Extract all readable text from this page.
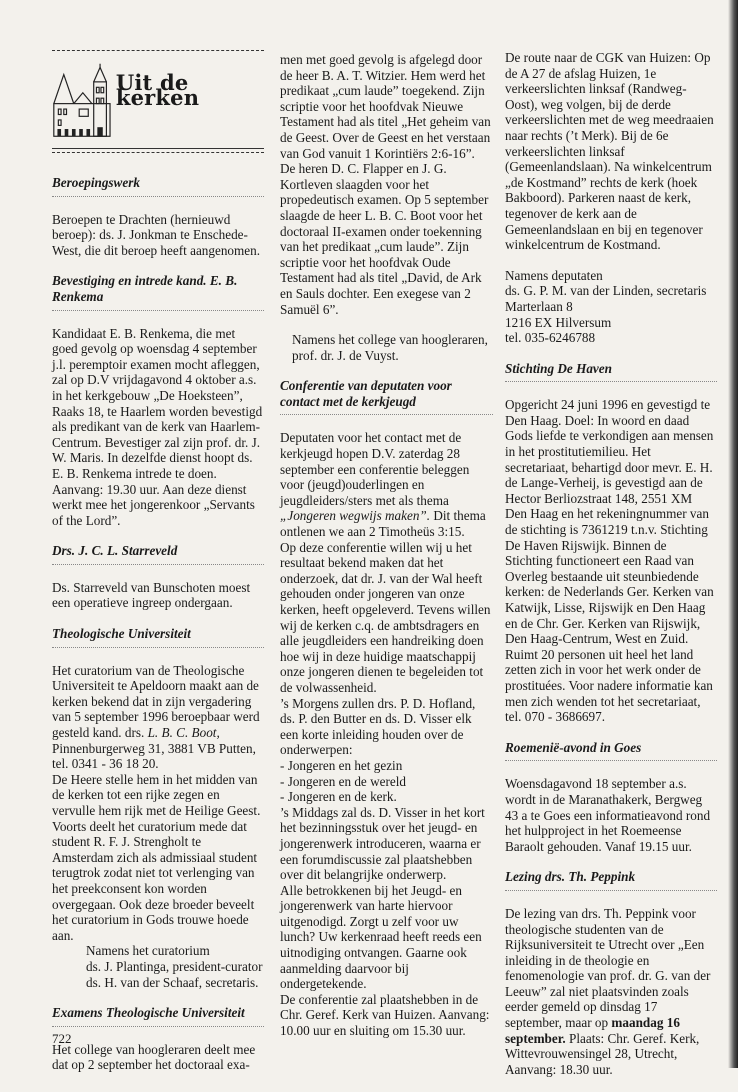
Uit de kerken
Beroepingswerk

Beroepen te Drachten (hernieuwd beroep): ds. J. Jonkman te Enschede-West, die dit beroep heeft aangenomen.

Bevestiging en intrede kand. E. B. Renkema

Kandidaat E. B. Renkema, die met goed gevolg op woensdag 4 september j.l. peremptoir examen mocht afleggen, zal op D.V vrijdagavond 4 oktober a.s. in het kerkgebouw „De Hoeksteen”, Raaks 18, te Haarlem worden bevestigd als predikant van de kerk van Haarlem-Centrum. Bevestiger zal zijn prof. dr. J. W. Maris. In dezelfde dienst hoopt ds. E. B. Renkema intrede te doen. Aanvang: 19.30 uur. Aan deze dienst werkt mee het jongerenkoor „Servants of the Lord”.

Drs. J. C. L. Starreveld

Ds. Starreveld van Bunschoten moest een operatieve ingreep ondergaan.

Theologische Universiteit

Het curatorium van de Theologische Universiteit te Apeldoorn maakt aan de kerken bekend dat in zijn vergadering van 5 september 1996 beroepbaar werd gesteld kand. drs. L. B. C. Boot, Pinnenburgerweg 31, 3881 VB Putten, tel. 0341 - 36 18 20.

De Heere stelle hem in het midden van de kerken tot een rijke zegen en vervulle hem rijk met de Heilige Geest. Voorts deelt het curatorium mede dat student R. F. J. Strengholt te Amsterdam zich als admissiaal student terugtrok zodat niet tot verlenging van het preekconsent kon worden overgegaan. Ook deze broeder beveelt het curatorium in Gods trouwe hoede aan.

Namens het curatorium
ds. J. Plantinga, president-curator
ds. H. van der Schaaf, secretaris.
Examens Theologische Universiteit

Het college van hoogleraren deelt mee dat op 2 september het doctoraal exa-

men met goed gevolg is afgelegd door de heer B. A. T. Witzier. Hem werd het predikaat „cum laude” toegekend. Zijn scriptie voor het hoofdvak Nieuwe Testament had als titel „Het geheim van de Geest. Over de Geest en het verstaan van God vanuit 1 Korintiërs 2:6-16”.

De heren D. C. Flapper en J. G. Kortleven slaagden voor het propedeutisch examen. Op 5 september slaagde de heer L. B. C. Boot voor het doctoraal II-examen onder toekenning van het predikaat „cum laude”. Zijn scriptie voor het hoofdvak Oude Testament had als titel „David, de Ark en Sauls dochter. Een exegese van 2 Samuël 6”.

Namens het college van hoogleraren,
prof. dr. J. de Vuyst.
Conferentie van deputaten voor contact met de kerkjeugd

Deputaten voor het contact met de kerkjeugd hopen D.V. zaterdag 28 september een conferentie beleggen voor (jeugd)ouderlingen en jeugdleiders/sters met als thema „Jongeren wegwijs maken”. Dit thema ontlenen we aan 2 Timotheüs 3:15.

Op deze conferentie willen wij u het resultaat bekend maken dat het onderzoek, dat dr. J. van der Wal heeft gehouden onder jongeren van onze kerken, heeft opgeleverd. Tevens willen wij de kerken c.q. de ambtsdragers en alle jeugdleiders een handreiking doen hoe wij in deze huidige maatschappij onze jongeren dienen te begeleiden tot de volwassenheid.

’s Morgens zullen drs. P. D. Hofland, ds. P. den Butter en ds. D. Visser elk een korte inleiding houden over de onderwerpen:

- Jongeren en het gezin
- Jongeren en de wereld
- Jongeren en de kerk.

’s Middags zal ds. D. Visser in het kort het bezinningsstuk over het jeugd- en jongerenwerk introduceren, waarna er een forumdiscussie zal plaatshebben over dit belangrijke onderwerp.

Alle betrokkenen bij het Jeugd- en jongerenwerk van harte hiervoor uitgenodigd. Zorgt u zelf voor uw lunch? Uw kerkenraad heeft reeds een uitnodiging ontvangen. Gaarne ook aanmelding daarvoor bij ondergetekende.

De conferentie zal plaatshebben in de Chr. Geref. Kerk van Huizen. Aanvang: 10.00 uur en sluiting om 15.30 uur.

De route naar de CGK van Huizen: Op de A 27 de afslag Huizen, 1e verkeerslichten linksaf (Randweg-Oost), weg volgen, bij de derde verkeerslichten met de weg meedraaien naar rechts (’t Merk). Bij de 6e verkeerslichten linksaf (Gemeenlandslaan). Na winkelcentrum „de Kostmand” rechts de kerk (hoek Bakboord). Parkeren naast de kerk, tegenover de kerk aan de Gemeenlandslaan en bij en tegenover winkelcentrum de Kostmand.

Namens deputaten
ds. G. P. M. van der Linden, secretaris
Marterlaan 8
1216 EX Hilversum
tel. 035-6246788
Stichting De Haven

Opgericht 24 juni 1996 en gevestigd te Den Haag. Doel: In woord en daad Gods liefde te verkondigen aan mensen in het prostitutiemilieu. Het secretariaat, behartigd door mevr. E. H. de Lange-Verheij, is gevestigd aan de Hector Berliozstraat 148, 2551 XM Den Haag en het rekeningnummer van de stichting is 7361219 t.n.v. Stichting De Haven Rijswijk. Binnen de Stichting functioneert een Raad van Overleg bestaande uit steunbiedende kerken: de Nederlands Ger. Kerken van Katwijk, Lisse, Rijswijk en Den Haag en de Chr. Ger. Kerken van Rijswijk, Den Haag-Centrum, West en Zuid. Ruimt 20 personen uit heel het land zetten zich in voor het werk onder de prostituées. Voor nadere informatie kan men zich wenden tot het secretariaat, tel. 070 - 3686697.

Roemenië-avond in Goes

Woensdagavond 18 september a.s. wordt in de Maranathakerk, Bergweg 43 a te Goes een informatieavond rond het hulpproject in het Roemeense Baraolt gehouden. Vanaf 19.15 uur.

Lezing drs. Th. Peppink

De lezing van drs. Th. Peppink voor theologische studenten van de Rijksuniversiteit te Utrecht over „Een inleiding in de theologie en fenomenologie van prof. dr. G. van der Leeuw” zal niet plaatsvinden zoals eerder gemeld op dinsdag 17 september, maar op maandag 16 september. Plaats: Chr. Geref. Kerk, Wittevrouwensingel 28, Utrecht, Aanvang: 18.30 uur.

722
